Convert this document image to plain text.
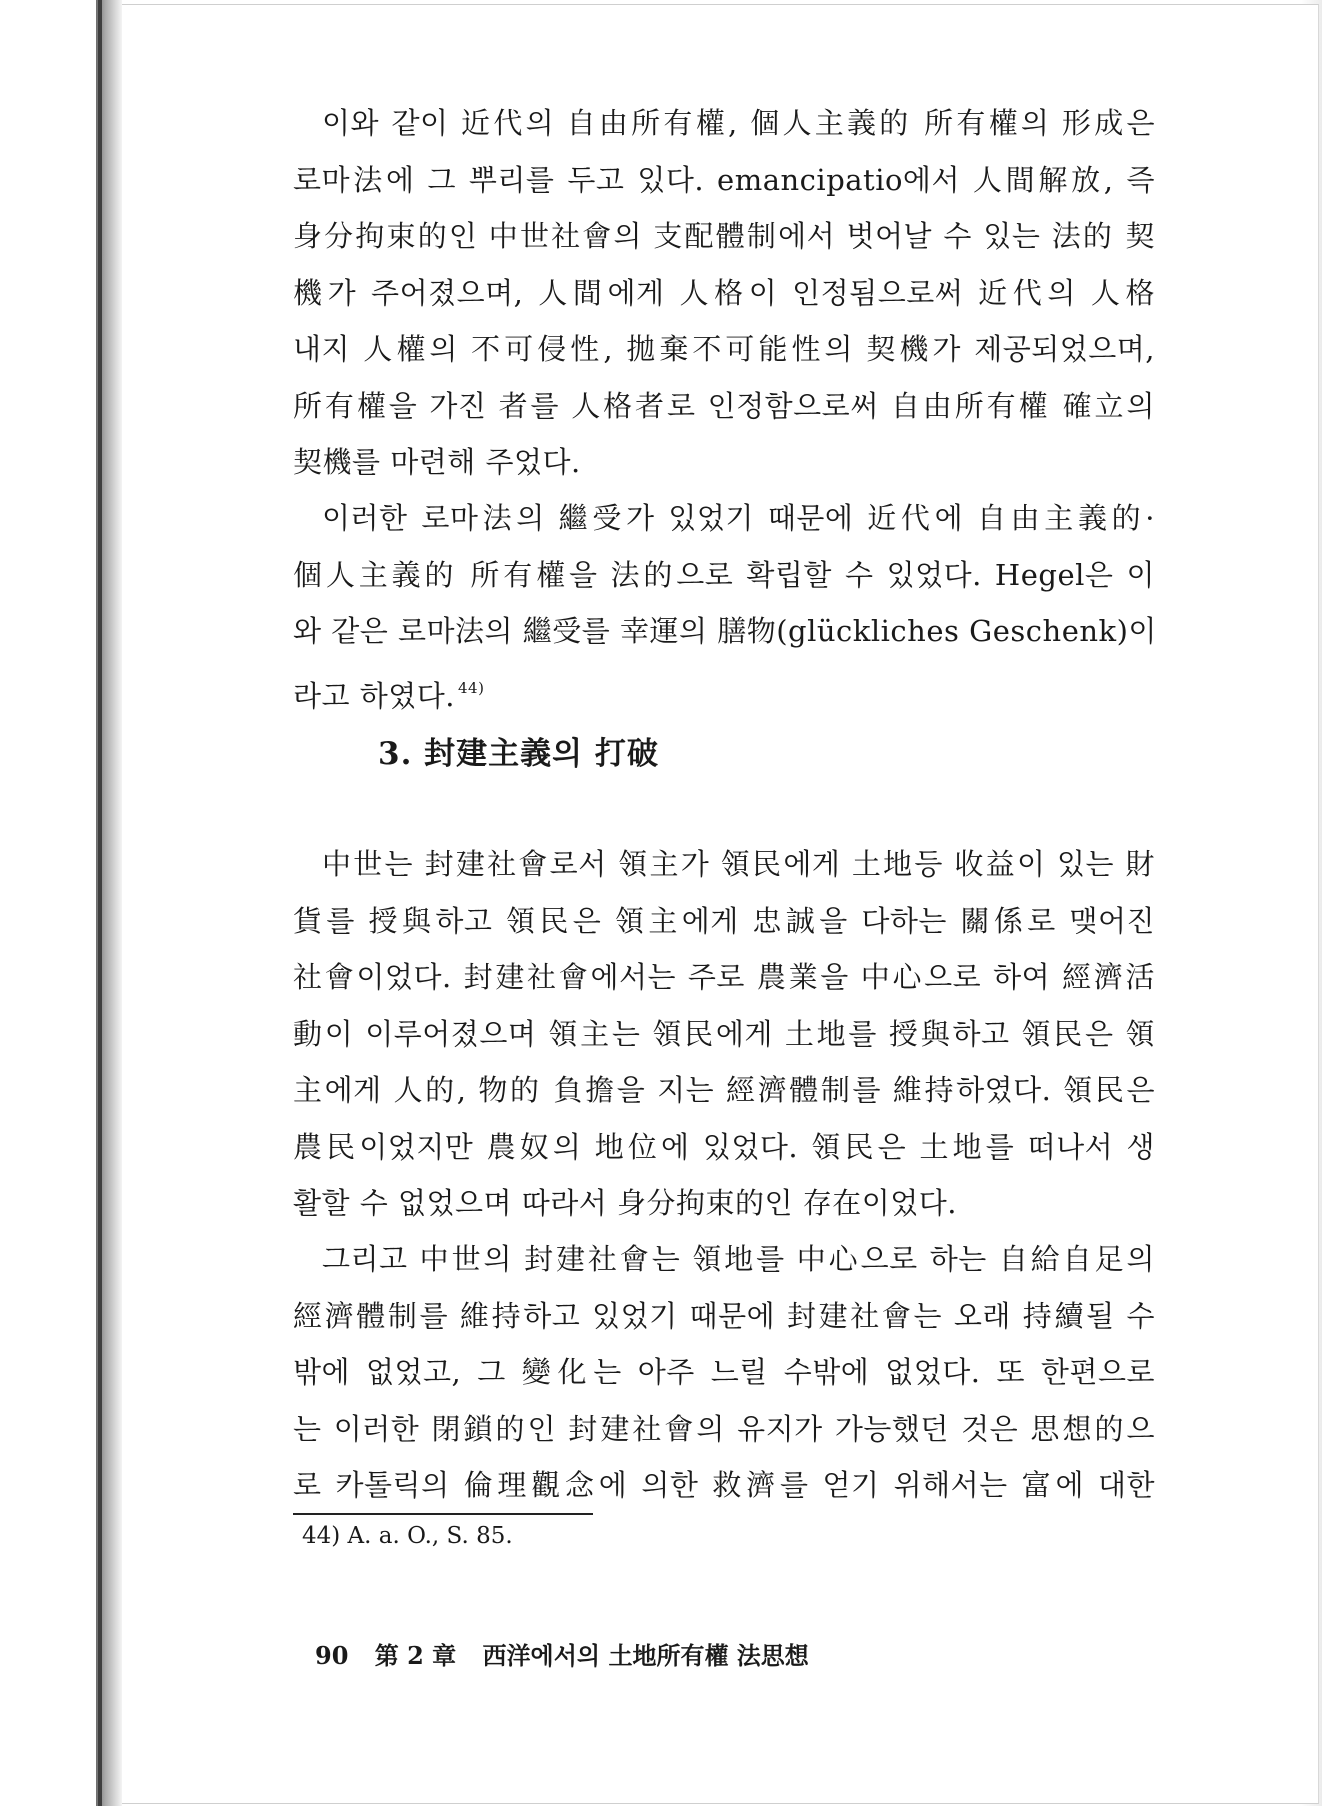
이와 같이 近代의 自由所有權, 個人主義的 所有權의 形成은
로마法에 그 뿌리를 두고 있다. emancipatio에서 人間解放, 즉
身分拘束的인 中世社會의 支配體制에서 벗어날 수 있는 法的 契
機가 주어졌으며, 人間에게 人格이 인정됨으로써 近代의 人格
내지 人權의 不可侵性, 拋棄不可能性의 契機가 제공되었으며,
所有權을 가진 者를 人格者로 인정함으로써 自由所有權 確立의
契機를 마련해 주었다.
이러한 로마法의 繼受가 있었기 때문에 近代에 自由主義的·
個人主義的 所有權을 法的으로 확립할 수 있었다. Hegel은 이
와 같은 로마法의 繼受를 幸運의 膳物(glückliches Geschenk)이
라고 하였다. $^{44)}$
3. 封建主義의 打破
中世는 封建社會로서 領主가 領民에게 土地등 收益이 있는 財
貨를 授與하고 領民은 領主에게 忠誠을 다하는 關係로 맺어진
社會이었다. 封建社會에서는 주로 農業을 中心으로 하여 經濟活
動이 이루어졌으며 領主는 領民에게 土地를 授與하고 領民은 領
主에게 人的, 物的 負擔을 지는 經濟體制를 維持하였다. 領民은
農民이었지만 農奴의 地位에 있었다. 領民은 土地를 떠나서 생
활할 수 없었으며 따라서 身分拘束的인 存在이었다.
그리고 中世의 封建社會는 領地를 中心으로 하는 自給自足의
經濟體制를 維持하고 있었기 때문에 封建社會는 오래 持續될 수
밖에 없었고, 그 變化는 아주 느릴 수밖에 없었다. 또 한편으로
는 이러한 閉鎖的인 封建社會의 유지가 가능했던 것은 思想的으
로 카톨릭의 倫理觀念에 의한 救濟를 얻기 위해서는 富에 대한
44) A. a. O., S. 85.
90 第 2 章 西洋에서의 土地所有權 法思想
